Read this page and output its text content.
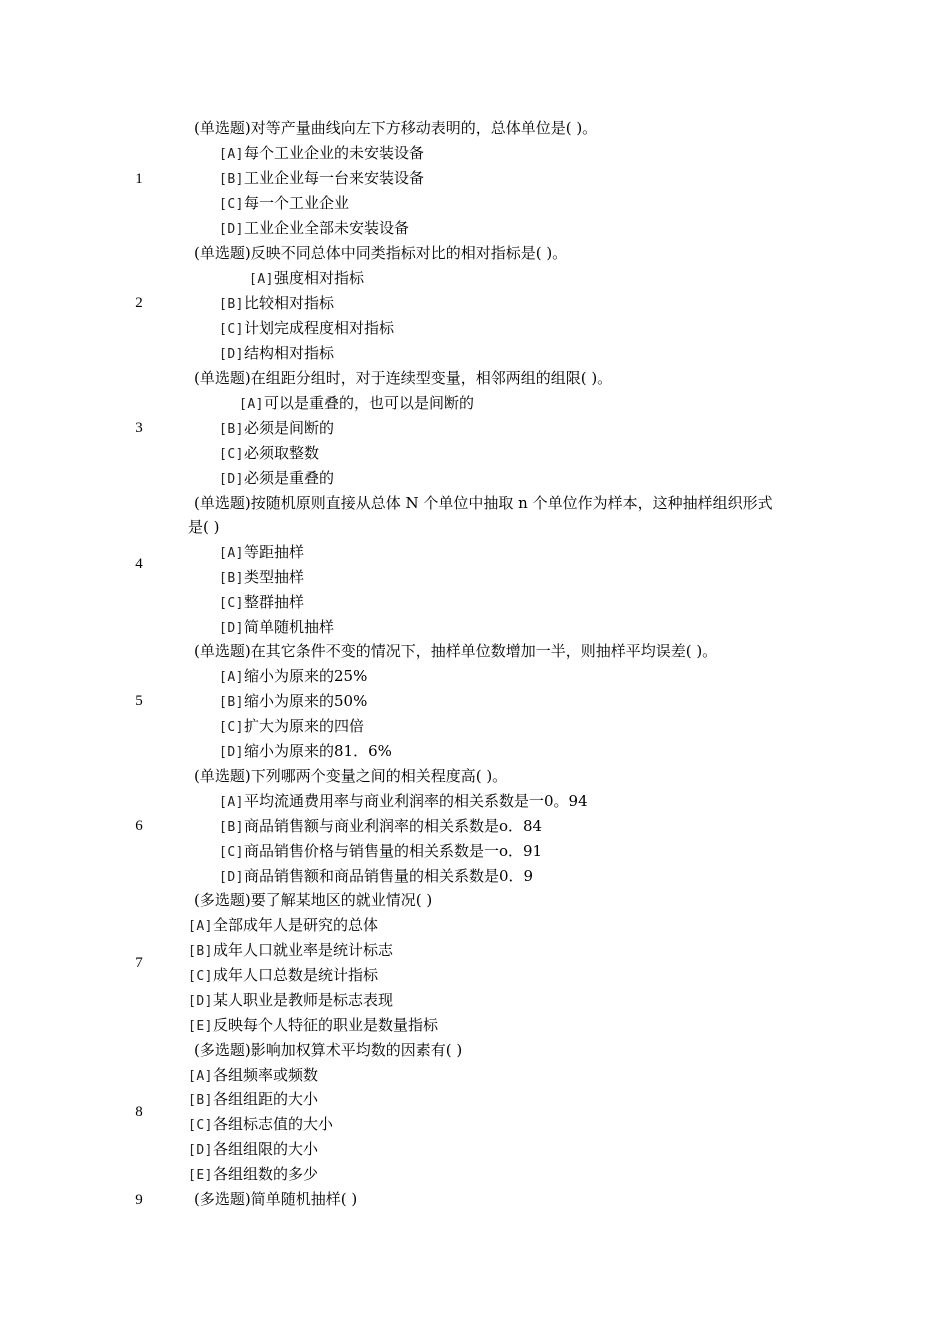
1
(单选题)对等产量曲线向左下方移动表明的，总体单位是( )。
[A]每个工业企业的未安装设备
[B]工业企业每一台来安装设备
[C]每一个工业企业
[D]工业企业全部未安装设备
2
(单选题)反映不同总体中同类指标对比的相对指标是( )。
[A]强度相对指标
[B]比较相对指标
[C]计划完成程度相对指标
[D]结构相对指标
3
(单选题)在组距分组时，对于连续型变量，相邻两组的组限( )。
[A]可以是重叠的，也可以是间断的
[B]必须是间断的
[C]必须取整数
[D]必须是重叠的
4
(单选题)按随机原则直接从总体 N 个单位中抽取 n 个单位作为样本，这种抽样组织形式
是( )
[A]等距抽样
[B]类型抽样
[C]整群抽样
[D]简单随机抽样
5
(单选题)在其它条件不变的情况下，抽样单位数增加一半，则抽样平均误差( )。
[A]缩小为原来的25%
[B]缩小为原来的50%
[C]扩大为原来的四倍
[D]缩小为原来的81．6%
6
(单选题)下列哪两个变量之间的相关程度高( )。
[A]平均流通费用率与商业利润率的相关系数是一0。94
[B]商品销售额与商业利润率的相关系数是o．84
[C]商品销售价格与销售量的相关系数是一o．91
[D]商品销售额和商品销售量的相关系数是0．9
7
(多选题)要了解某地区的就业情况( )
[A]全部成年人是研究的总体
[B]成年人口就业率是统计标志
[C]成年人口总数是统计指标
[D]某人职业是教师是标志表现
[E]反映每个人特征的职业是数量指标
8
(多选题)影响加权算术平均数的因素有( )
[A]各组频率或频数
[B]各组组距的大小
[C]各组标志值的大小
[D]各组组限的大小
[E]各组组数的多少
9	(多选题)简单随机抽样( )
